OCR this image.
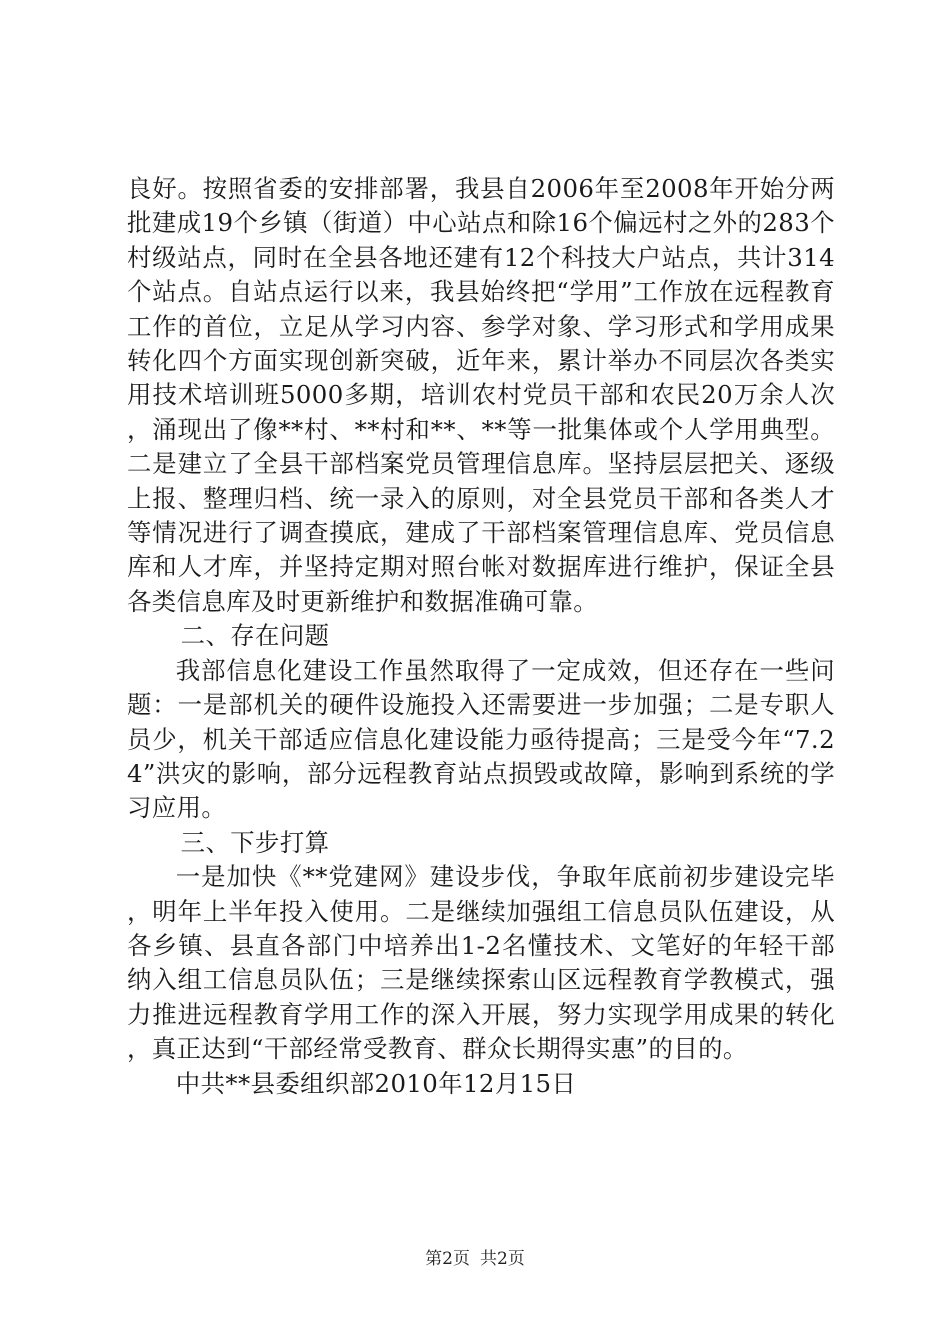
良好。按照省委的安排部署，我县自2006年至2008年开始分两批建成19个乡镇（街道）中心站点和除16个偏远村之外的283个村级站点，同时在全县各地还建有12个科技大户站点，共计314个站点。自站点运行以来，我县始终把“学用”工作放在远程教育工作的首位，立足从学习内容、参学对象、学习形式和学用成果转化四个方面实现创新突破，近年来，累计举办不同层次各类实用技术培训班5000多期，培训农村党员干部和农民20万余人次，涌现出了像**村、**村和**、**等一批集体或个人学用典型。二是建立了全县干部档案党员管理信息库。坚持层层把关、逐级上报、整理归档、统一录入的原则，对全县党员干部和各类人才等情况进行了调查摸底，建成了干部档案管理信息库、党员信息库和人才库，并坚持定期对照台帐对数据库进行维护，保证全县各类信息库及时更新维护和数据准确可靠。

二、存在问题

我部信息化建设工作虽然取得了一定成效，但还存在一些问题：一是部机关的硬件设施投入还需要进一步加强；二是专职人员少，机关干部适应信息化建设能力亟待提高；三是受今年“7.24”洪灾的影响，部分远程教育站点损毁或故障，影响到系统的学习应用。

三、下步打算

一是加快《**党建网》建设步伐，争取年底前初步建设完毕，明年上半年投入使用。二是继续加强组工信息员队伍建设，从各乡镇、县直各部门中培养出1-2名懂技术、文笔好的年轻干部纳入组工信息员队伍；三是继续探索山区远程教育学教模式，强力推进远程教育学用工作的深入开展，努力实现学用成果的转化，真正达到“干部经常受教育、群众长期得实惠”的目的。

中共**县委组织部2010年12月15日

第2页 共2页
